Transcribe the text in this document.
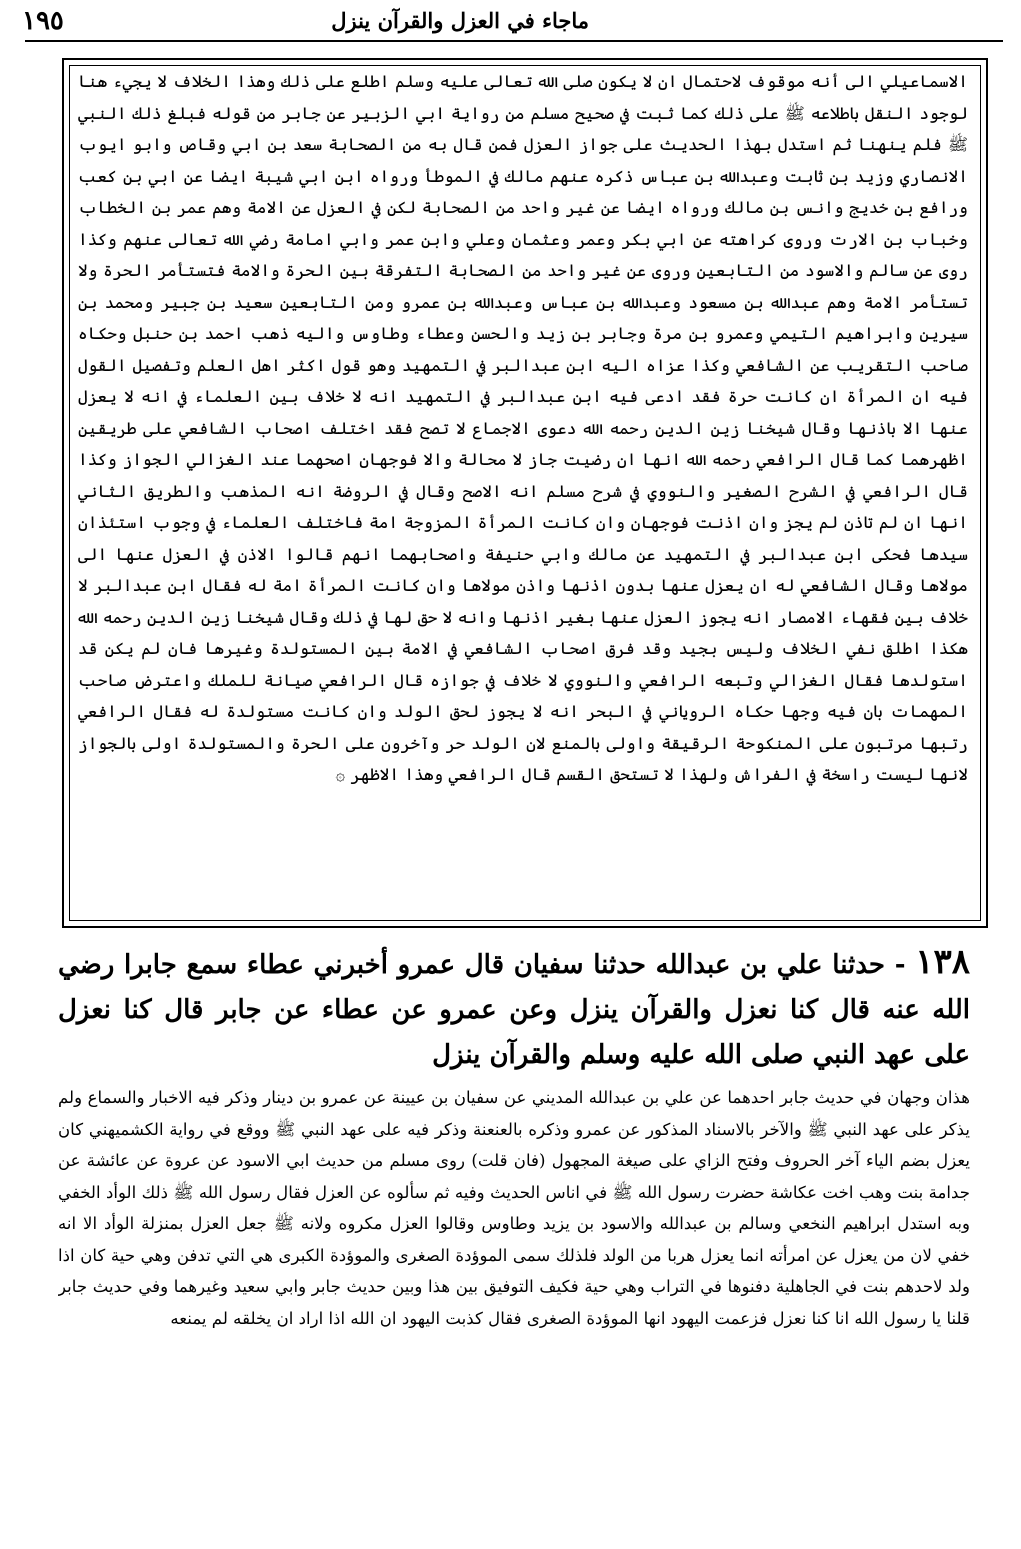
١٩٥	ماجاء في العزل والقرآن ينزل

الاسماعيلي الى أنه موقوف لاحتمال ان لا يكون صلى الله تعالى عليه وسلم اطلع على ذلك وهذا الخلاف لا يجيء هنا لوجود النقل باطلاعه ﷺ على ذلك كما ثبت في صحيح مسلم من رواية ابي الزبير عن جابر من قوله فبلغ ذلك النبي ﷺ فلم ينهنا ثم استدل بهذا الحديث على جواز العزل فمن قال به من الصحابة سعد بن ابي وقاص وابو ايوب الانصاري وزيد بن ثابت وعبدالله بن عباس ذكره عنهم مالك في الموطأ ورواه ابن ابي شيبة ايضا عن ابي بن كعب ورافع بن خديج وانس بن مالك ورواه ايضا عن غير واحد من الصحابة لكن في العزل عن الامة وهم عمر بن الخطاب وخباب بن الارت وروى كراهته عن ابي بكر وعمر وعثمان وعلي وابن عمر وابي امامة رضي الله تعالى عنهم وكذا روى عن سالم والاسود من التابعين وروى عن غير واحد من الصحابة التفرقة بين الحرة والامة فتستأمر الحرة ولا تستأمر الامة وهم عبدالله بن مسعود وعبدالله بن عباس وعبدالله بن عمرو ومن التابعين سعيد بن جبير ومحمد بن سيرين وابراهيم التيمي وعمرو بن مرة وجابر بن زيد والحسن وعطاء وطاوس واليه ذهب احمد بن حنبل وحكاه صاحب التقريب عن الشافعي وكذا عزاه اليه ابن عبدالبر في التمهيد وهو قول اكثر اهل العلم وتفصيل القول فيه ان المرأة ان كانت حرة فقد ادعى فيه ابن عبدالبر في التمهيد انه لا خلاف بين العلماء في انه لا يعزل عنها الا باذنها وقال شيخنا زين الدين رحمه الله دعوى الاجماع لا تصح فقد اختلف اصحاب الشافعي على طريقين اظهرهما كما قال الرافعي رحمه الله انها ان رضيت جاز لا محالة والا فوجهان اصحهما عند الغزالي الجواز وكذا قال الرافعي في الشرح الصغير والنووي في شرح مسلم انه الاصح وقال في الروضة انه المذهب والطريق الثاني انها ان لم تاذن لم يجز وان اذنت فوجهان وان كانت المرأة المزوجة امة فاختلف العلماء في وجوب استئذان سيدها فحكى ابن عبدالبر في التمهيد عن مالك وابي حنيفة واصحابهما انهم قالوا الاذن في العزل عنها الى مولاها وقال الشافعي له ان يعزل عنها بدون اذنها واذن مولاها وان كانت المرأة امة له فقال ابن عبدالبر لا خلاف بين فقهاء الامصار انه يجوز العزل عنها بغير اذنها وانه لا حق لها في ذلك وقال شيخنا زين الدين رحمه الله هكذا اطلق نفي الخلاف وليس بجيد وقد فرق اصحاب الشافعي في الامة بين المستولدة وغيرها فان لم يكن قد استولدها فقال الغزالي وتبعه الرافعي والنووي لا خلاف في جوازه قال الرافعي صيانة للملك واعترض صاحب المهمات بان فيه وجها حكاه الروياني في البحر انه لا يجوز لحق الولد وان كانت مستولدة له فقال الرافعي رتبها مرتبون على المنكوحة الرقيقة واولى بالمنع لان الولد حر وآخرون على الحرة والمستولدة اولى بالجواز لانها ليست راسخة في الفراش ولهذا لا تستحق القسم قال الرافعي وهذا الاظهر ۞

١٣٨ - حدثنا علي بن عبدالله حدثنا سفيان قال عمرو أخبرني عطاء سمع جابرا رضي الله عنه قال كنا نعزل والقرآن ينزل وعن عمرو عن عطاء عن جابر قال كنا نعزل على عهد النبي صلى الله عليه وسلم والقرآن ينزل

هذان وجهان في حديث جابر احدهما عن علي بن عبدالله المديني عن سفيان بن عيينة عن عمرو بن دينار وذكر فيه الاخبار والسماع ولم يذكر على عهد النبي ﷺ والآخر بالاسناد المذكور عن عمرو وذكره بالعنعنة وذكر فيه على عهد النبي ﷺ ووقع في رواية الكشميهني كان يعزل بضم الياء آخر الحروف وفتح الزاي على صيغة المجهول (فان قلت) روى مسلم من حديث ابي الاسود عن عروة عن عائشة عن جدامة بنت وهب اخت عكاشة حضرت رسول الله ﷺ في اناس الحديث وفيه ثم سألوه عن العزل فقال رسول الله ﷺ ذلك الوأد الخفي وبه استدل ابراهيم النخعي وسالم بن عبدالله والاسود بن يزيد وطاوس وقالوا العزل مكروه ولانه ﷺ جعل العزل بمنزلة الوأد الا انه خفي لان من يعزل عن امرأته انما يعزل هربا من الولد فلذلك سمى الموؤدة الصغرى والموؤدة الكبرى هي التي تدفن وهي حية كان اذا ولد لاحدهم بنت في الجاهلية دفنوها في التراب وهي حية فكيف التوفيق بين هذا وبين حديث جابر وابي سعيد وغيرهما وفي حديث جابر قلنا يا رسول الله انا كنا نعزل فزعمت اليهود انها الموؤدة الصغرى فقال كذبت اليهود ان الله اذا اراد ان يخلقه لم يمنعه
